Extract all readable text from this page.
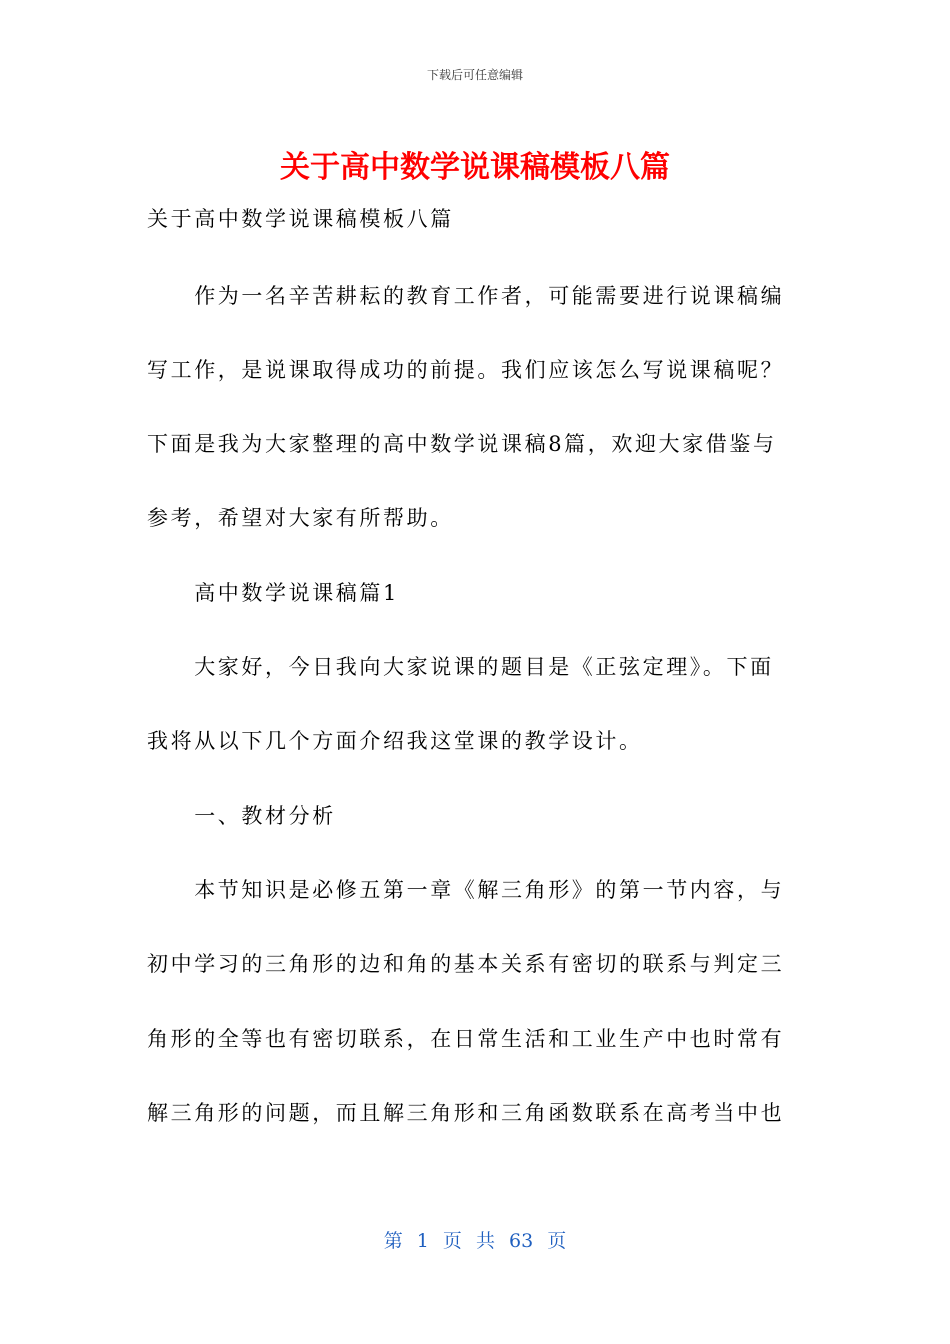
下载后可任意编辑
关于高中数学说课稿模板八篇
关于高中数学说课稿模板八篇
　　作为一名辛苦耕耘的教育工作者，可能需要进行说课稿编
写工作，是说课取得成功的前提。我们应该怎么写说课稿呢？
下面是我为大家整理的高中数学说课稿8篇，欢迎大家借鉴与
参考，希望对大家有所帮助。
　　高中数学说课稿篇1
　　大家好，今日我向大家说课的题目是《正弦定理》。下面
我将从以下几个方面介绍我这堂课的教学设计。
　　一、教材分析
　　本节知识是必修五第一章《解三角形》的第一节内容，与
初中学习的三角形的边和角的基本关系有密切的联系与判定三
角形的全等也有密切联系，在日常生活和工业生产中也时常有
解三角形的问题，而且解三角形和三角函数联系在高考当中也
第 1 页 共 63 页
